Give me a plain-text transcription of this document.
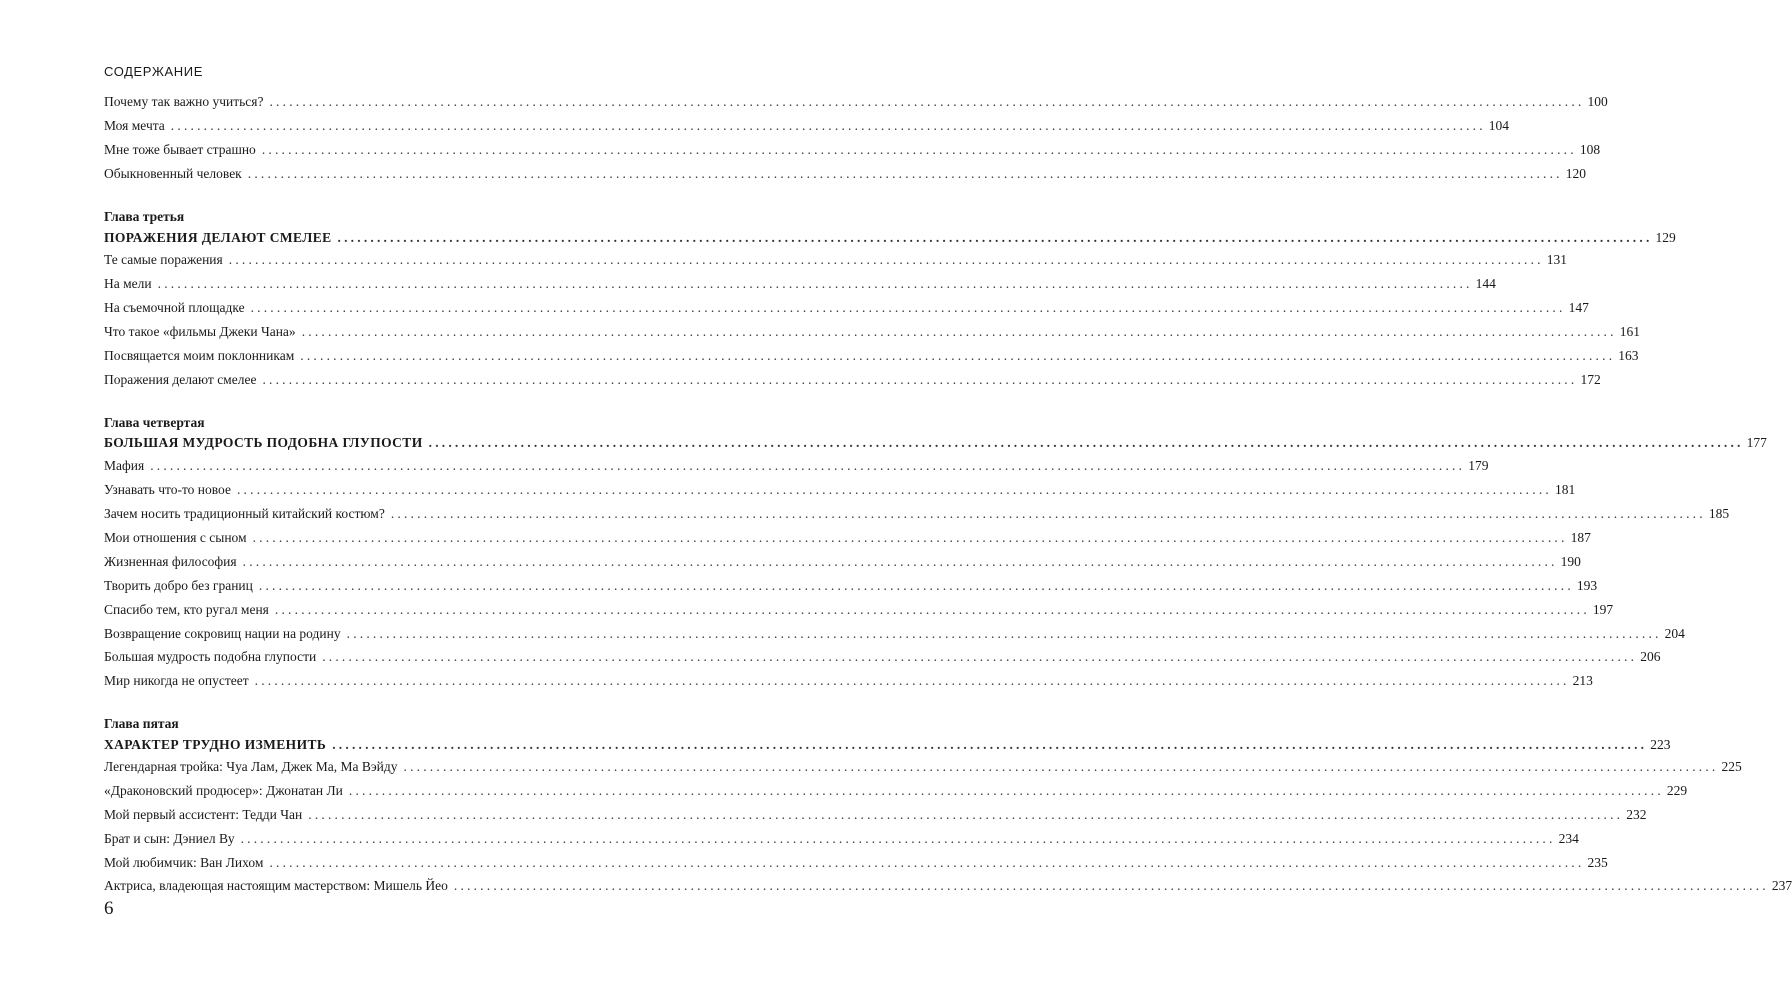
СОДЕРЖАНИЕ
Почему так важно учиться? ........................................................................................................................................................................................................ 100
Моя мечта ........................................................................................................................................................................................................ 104
Мне тоже бывает страшно ........................................................................................................................................................................................................ 108
Обыкновенный человек ........................................................................................................................................................................................................ 120
Глава третья
ПОРАЖЕНИЯ ДЕЛАЮТ СМЕЛЕЕ ........................................................................................................................................................................................................ 129
Те самые поражения ........................................................................................................................................................................................................ 131
На мели ........................................................................................................................................................................................................ 144
На съемочной площадке ........................................................................................................................................................................................................ 147
Что такое «фильмы Джеки Чана» ........................................................................................................................................................................................................ 161
Посвящается моим поклонникам ........................................................................................................................................................................................................ 163
Поражения делают смелее ........................................................................................................................................................................................................ 172
Глава четвертая
БОЛЬШАЯ МУДРОСТЬ ПОДОБНА ГЛУПОСТИ ........................................................................................................................................................................................................ 177
Мафия ........................................................................................................................................................................................................ 179
Узнавать что-то новое ........................................................................................................................................................................................................ 181
Зачем носить традиционный китайский костюм? ........................................................................................................................................................................................................ 185
Мои отношения с сыном ........................................................................................................................................................................................................ 187
Жизненная философия ........................................................................................................................................................................................................ 190
Творить добро без границ ........................................................................................................................................................................................................ 193
Спасибо тем, кто ругал меня ........................................................................................................................................................................................................ 197
Возвращение сокровищ нации на родину ........................................................................................................................................................................................................ 204
Большая мудрость подобна глупости ........................................................................................................................................................................................................ 206
Мир никогда не опустеет ........................................................................................................................................................................................................ 213
Глава пятая
ХАРАКТЕР ТРУДНО ИЗМЕНИТЬ ........................................................................................................................................................................................................ 223
Легендарная тройка: Чуа Лам, Джек Ма, Ма Вэйду ........................................................................................................................................................................................................ 225
«Драконовский продюсер»: Джонатан Ли ........................................................................................................................................................................................................ 229
Мой первый ассистент: Тедди Чан ........................................................................................................................................................................................................ 232
Брат и сын: Дэниел Ву ........................................................................................................................................................................................................ 234
Мой любимчик: Ван Лихом ........................................................................................................................................................................................................ 235
Актриса, владеющая настоящим мастерством: Мишель Йео ........................................................................................................................................................................................................ 237
6
